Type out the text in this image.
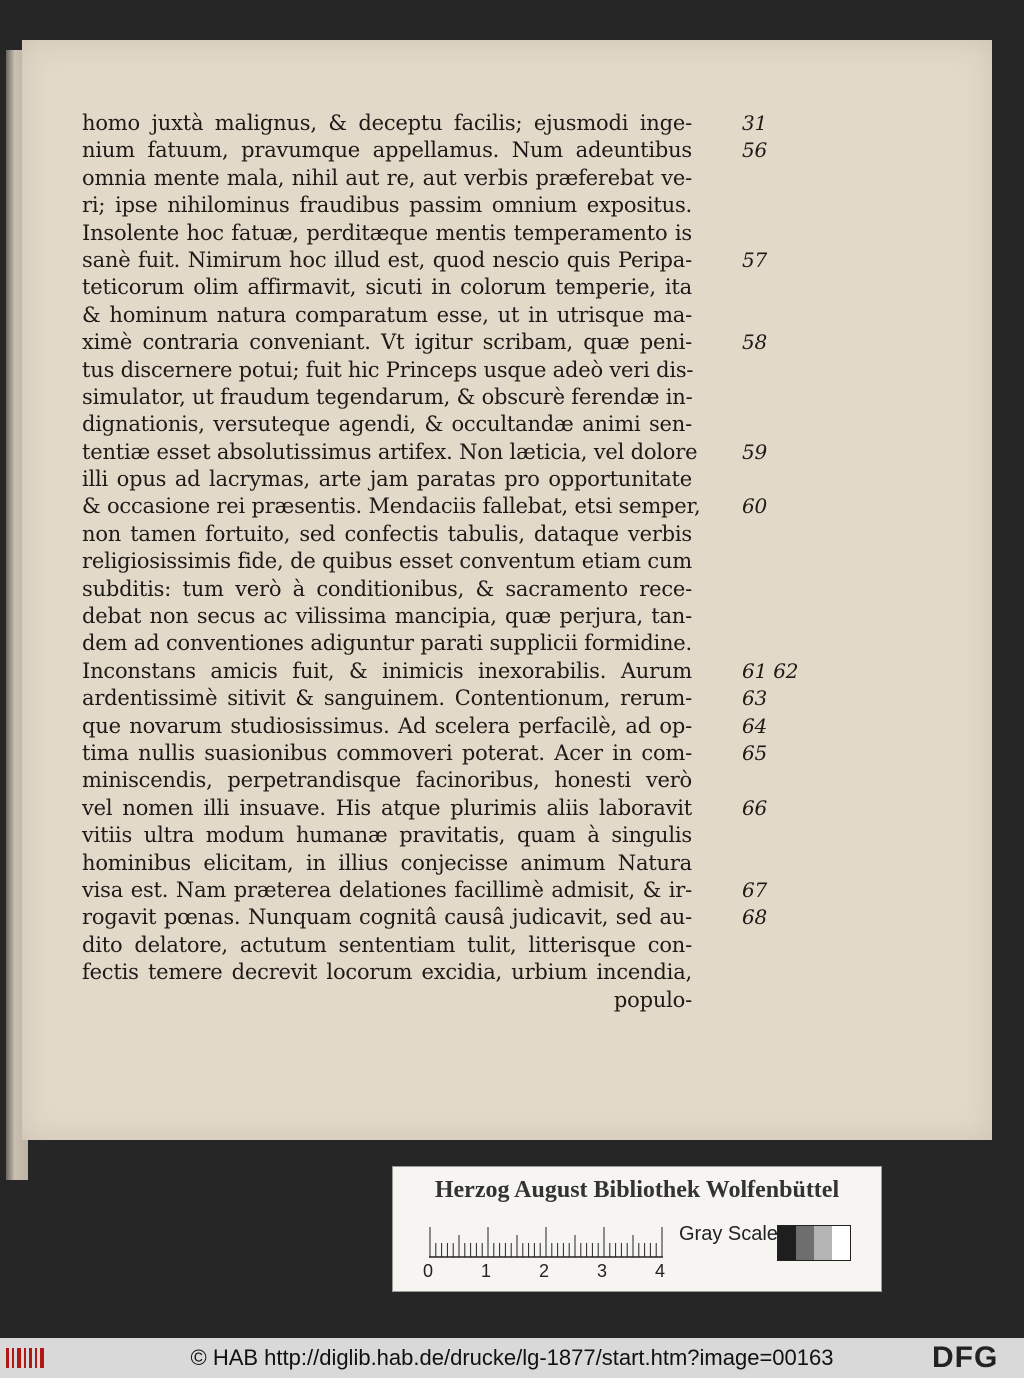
homo juxtà malignus, & deceptu facilis; ejusmodi inge-	31
nium fatuum, pravumque appellamus. Num adeuntibus	56
omnia mente mala, nihil aut re, aut verbis præferebat ve-
ri; ipse nihilominus fraudibus passim omnium expositus.
Insolente hoc fatuæ, perditæque mentis temperamento is
sanè fuit. Nimirum hoc illud est, quod nescio quis Peripa-	57
teticorum olim affirmavit, sicuti in colorum temperie, ita
& hominum natura comparatum esse, ut in utrisque ma-
ximè contraria conveniant. Vt igitur scribam, quæ peni-	58
tus discernere potui; fuit hic Princeps usque adeò veri dis-
simulator, ut fraudum tegendarum, & obscurè ferendæ in-
dignationis, versuteque agendi, & occultandæ animi sen-
tentiæ esset absolutissimus artifex. Non læticia, vel dolore 59
illi opus ad lacrymas, arte jam paratas pro opportunitate
& occasione rei præsentis. Mendaciis fallebat, etsi semper, 60
non tamen fortuito, sed confectis tabulis, dataque verbis
religiosissimis fide, de quibus esset conventum etiam cum
subditis: tum verò à conditionibus, & sacramento rece-
debat non secus ac vilissima mancipia, quæ perjura, tan-
dem ad conventiones adiguntur parati supplicii formidine.
Inconstans amicis fuit, & inimicis inexorabilis. Aurum	61 62
ardentissimè sitivit & sanguinem. Contentionum, rerum-	63
que novarum studiosissimus. Ad scelera perfacilè, ad op-	64
tima nullis suasionibus commoveri poterat. Acer in com-	65
miniscendis, perpetrandisque facinoribus, honesti verò
vel nomen illi insuave. His atque plurimis aliis laboravit	66
vitiis ultra modum humanæ pravitatis, quam à singulis
hominibus elicitam, in illius conjecisse animum Natura
visa est. Nam præterea delationes facillimè admisit, & ir-	67
rogavit pœnas. Nunquam cognitâ causâ judicavit, sed au-	68
dito delatore, actutum sententiam tulit, litterisque con-
fectis temere decrevit locorum excidia, urbium incendia,
populo-
Herzog August Bibliothek Wolfenbüttel
0	1	2	3	4
Gray Scale
© HAB http://diglib.hab.de/drucke/lg-1877/start.htm?image=00163	DFG
